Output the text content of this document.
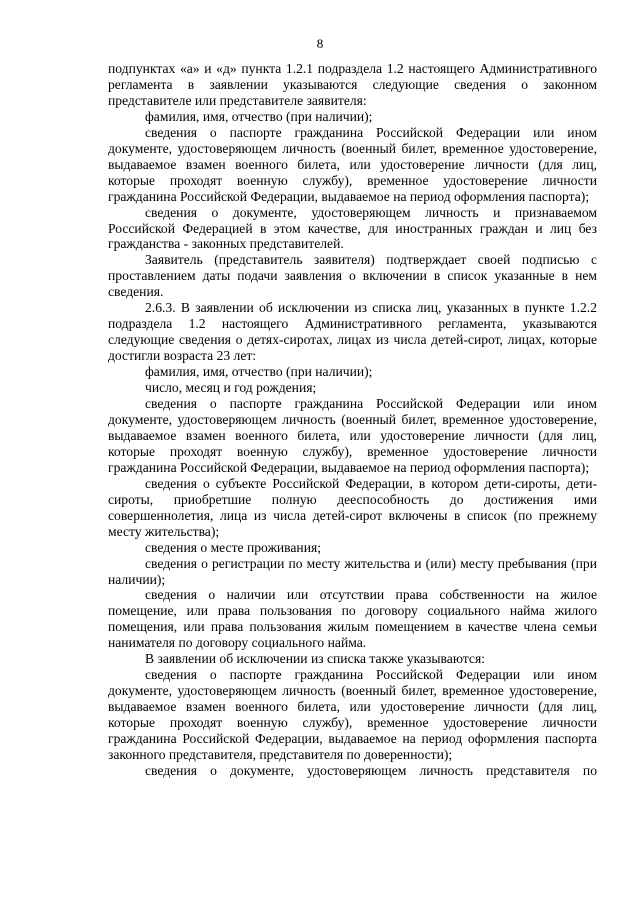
8

подпунктах «а» и «д» пункта 1.2.1 подраздела 1.2 настоящего Административного регламента в заявлении указываются следующие сведения о законном представителе или представителе заявителя:

фамилия, имя, отчество (при наличии);

сведения о паспорте гражданина Российской Федерации или ином документе, удостоверяющем личность (военный билет, временное удостоверение, выдаваемое взамен военного билета, или удостоверение личности (для лиц, которые проходят военную службу), временное удостоверение личности гражданина Российской Федерации, выдаваемое на период оформления паспорта);

сведения о документе, удостоверяющем личность и признаваемом Российской Федерацией в этом качестве, для иностранных граждан и лиц без гражданства - законных представителей.

Заявитель (представитель заявителя) подтверждает своей подписью с проставлением даты подачи заявления о включении в список указанные в нем сведения.

2.6.3. В заявлении об исключении из списка лиц, указанных в пункте 1.2.2 подраздела 1.2 настоящего Административного регламента, указываются следующие сведения о детях-сиротах, лицах из числа детей-сирот, лицах, которые достигли возраста 23 лет:

фамилия, имя, отчество (при наличии);

число, месяц и год рождения;

сведения о паспорте гражданина Российской Федерации или ином документе, удостоверяющем личность (военный билет, временное удостоверение, выдаваемое взамен военного билета, или удостоверение личности (для лиц, которые проходят военную службу), временное удостоверение личности гражданина Российской Федерации, выдаваемое на период оформления паспорта);

сведения о субъекте Российской Федерации, в котором дети-сироты, дети-сироты, приобретшие полную дееспособность до достижения ими совершеннолетия, лица из числа детей-сирот включены в список (по прежнему месту жительства);

сведения о месте проживания;

сведения о регистрации по месту жительства и (или) месту пребывания (при наличии);

сведения о наличии или отсутствии права собственности на жилое помещение, или права пользования по договору социального найма жилого помещения, или права пользования жилым помещением в качестве члена семьи нанимателя по договору социального найма.

В заявлении об исключении из списка также указываются:

сведения о паспорте гражданина Российской Федерации или ином документе, удостоверяющем личность (военный билет, временное удостоверение, выдаваемое взамен военного билета, или удостоверение личности (для лиц, которые проходят военную службу), временное удостоверение личности гражданина Российской Федерации, выдаваемое на период оформления паспорта законного представителя, представителя по доверенности);

сведения о документе, удостоверяющем личность представителя по
